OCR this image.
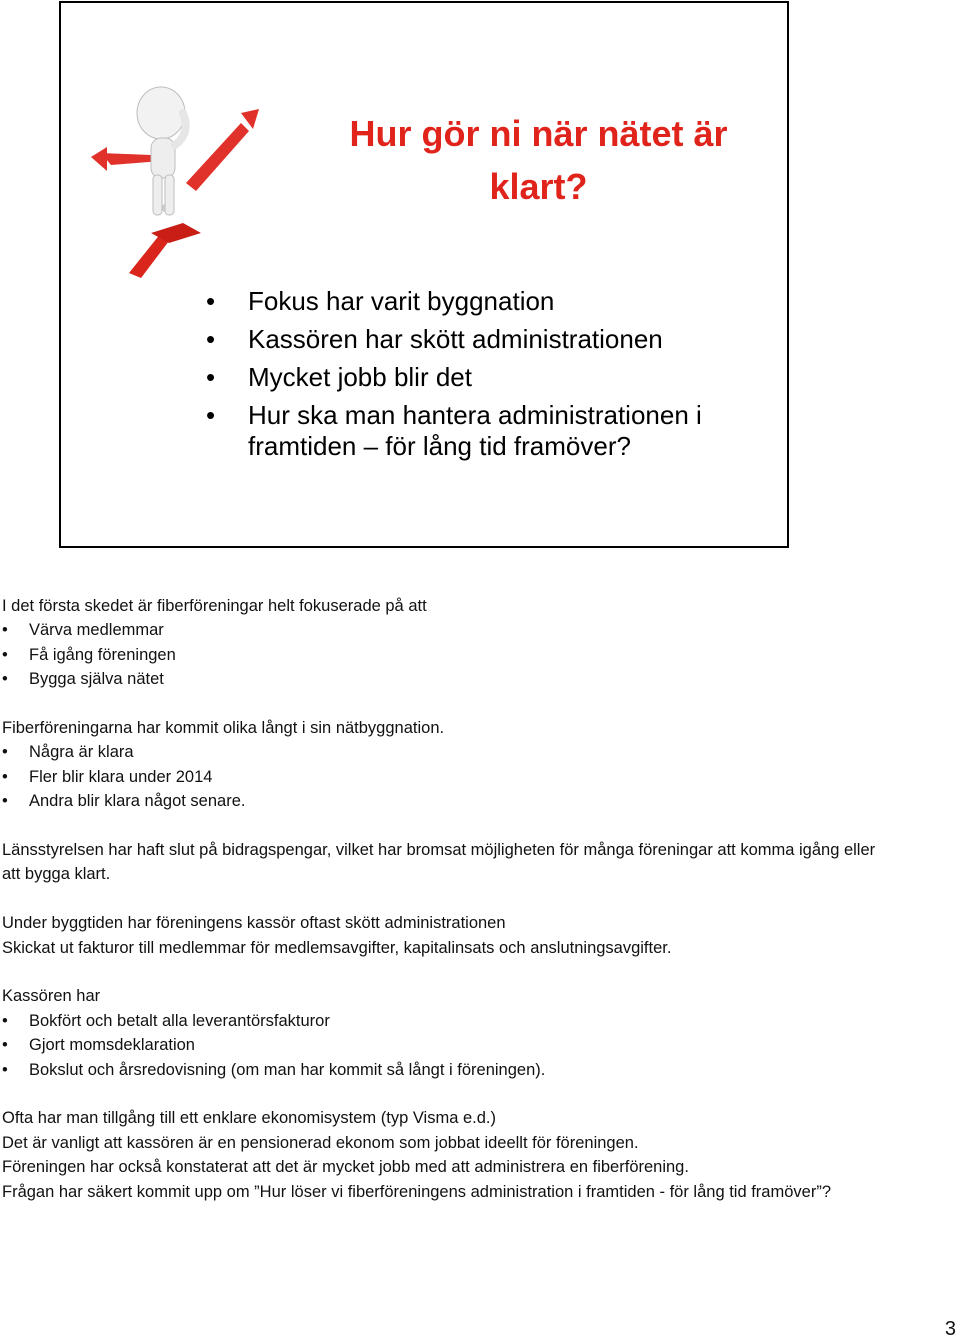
Hur gör ni när nätet är klart?
• Fokus har varit byggnation
• Kassören har skött administrationen
• Mycket jobb blir det
• Hur ska man hantera administrationen i framtiden – för lång tid framöver?

I det första skedet är fiberföreningar helt fokuserade på att

• Värva medlemmar
• Få igång föreningen
• Bygga själva nätet

Fiberföreningarna har kommit olika långt i sin nätbyggnation.

• Några är klara
• Fler blir klara under 2014
• Andra blir klara något senare.

Länsstyrelsen har haft slut på bidragspengar, vilket har bromsat möjligheten för många föreningar att komma igång eller att bygga klart.

Under byggtiden har föreningens kassör oftast skött administrationen

Skickat ut fakturor till medlemmar för medlemsavgifter, kapitalinsats och anslutningsavgifter.

Kassören har

• Bokfört och betalt alla leverantörsfakturor
• Gjort momsdeklaration
• Bokslut och årsredovisning (om man har kommit så långt i föreningen).

Ofta har man tillgång till ett enklare ekonomisystem (typ Visma e.d.)

Det är vanligt att kassören är en pensionerad ekonom som jobbat ideellt för föreningen.

Föreningen har också konstaterat att det är mycket jobb med att administrera en fiberförening.

Frågan har säkert kommit upp om ”Hur löser vi fiberföreningens administration i framtiden - för lång tid framöver”?

3
